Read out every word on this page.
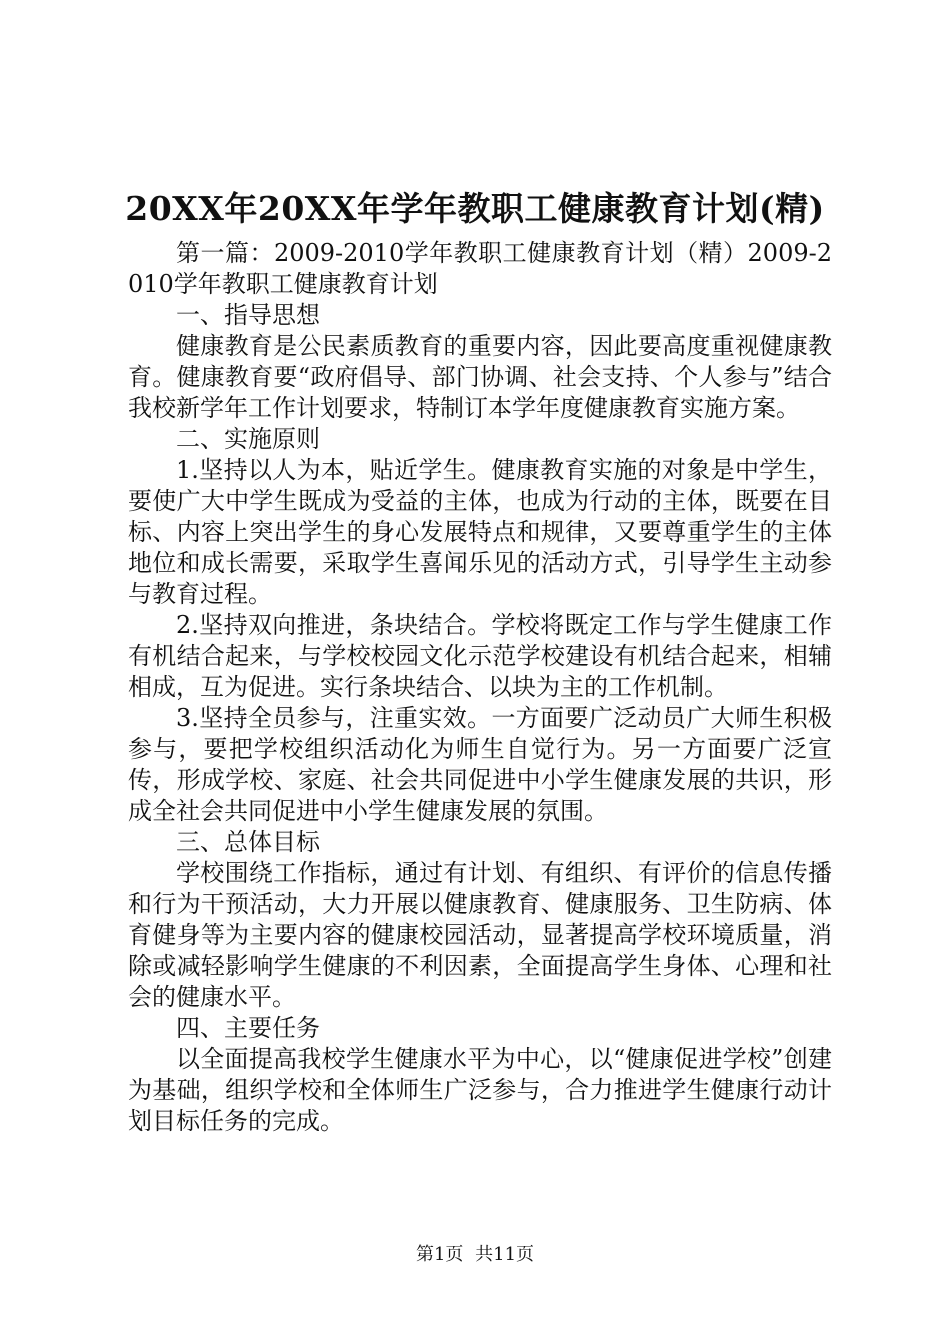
20XX年20XX年学年教职工健康教育计划(精)

第一篇：2009-2010学年教职工健康教育计划（精）2009-2010学年教职工健康教育计划

一、指导思想

健康教育是公民素质教育的重要内容，因此要高度重视健康教育。健康教育要“政府倡导、部门协调、社会支持、个人参与”结合我校新学年工作计划要求，特制订本学年度健康教育实施方案。

二、实施原则

1.坚持以人为本，贴近学生。健康教育实施的对象是中学生，要使广大中学生既成为受益的主体，也成为行动的主体，既要在目标、内容上突出学生的身心发展特点和规律，又要尊重学生的主体地位和成长需要，采取学生喜闻乐见的活动方式，引导学生主动参与教育过程。

2.坚持双向推进，条块结合。学校将既定工作与学生健康工作有机结合起来，与学校校园文化示范学校建设有机结合起来，相辅相成，互为促进。实行条块结合、以块为主的工作机制。

3.坚持全员参与，注重实效。一方面要广泛动员广大师生积极参与，要把学校组织活动化为师生自觉行为。另一方面要广泛宣传，形成学校、家庭、社会共同促进中小学生健康发展的共识，形成全社会共同促进中小学生健康发展的氛围。

三、总体目标

学校围绕工作指标，通过有计划、有组织、有评价的信息传播和行为干预活动，大力开展以健康教育、健康服务、卫生防病、体育健身等为主要内容的健康校园活动，显著提高学校环境质量，消除或减轻影响学生健康的不利因素，全面提高学生身体、心理和社会的健康水平。

四、主要任务

以全面提高我校学生健康水平为中心，以“健康促进学校”创建为基础，组织学校和全体师生广泛参与，合力推进学生健康行动计划目标任务的完成。

第1页 共11页
